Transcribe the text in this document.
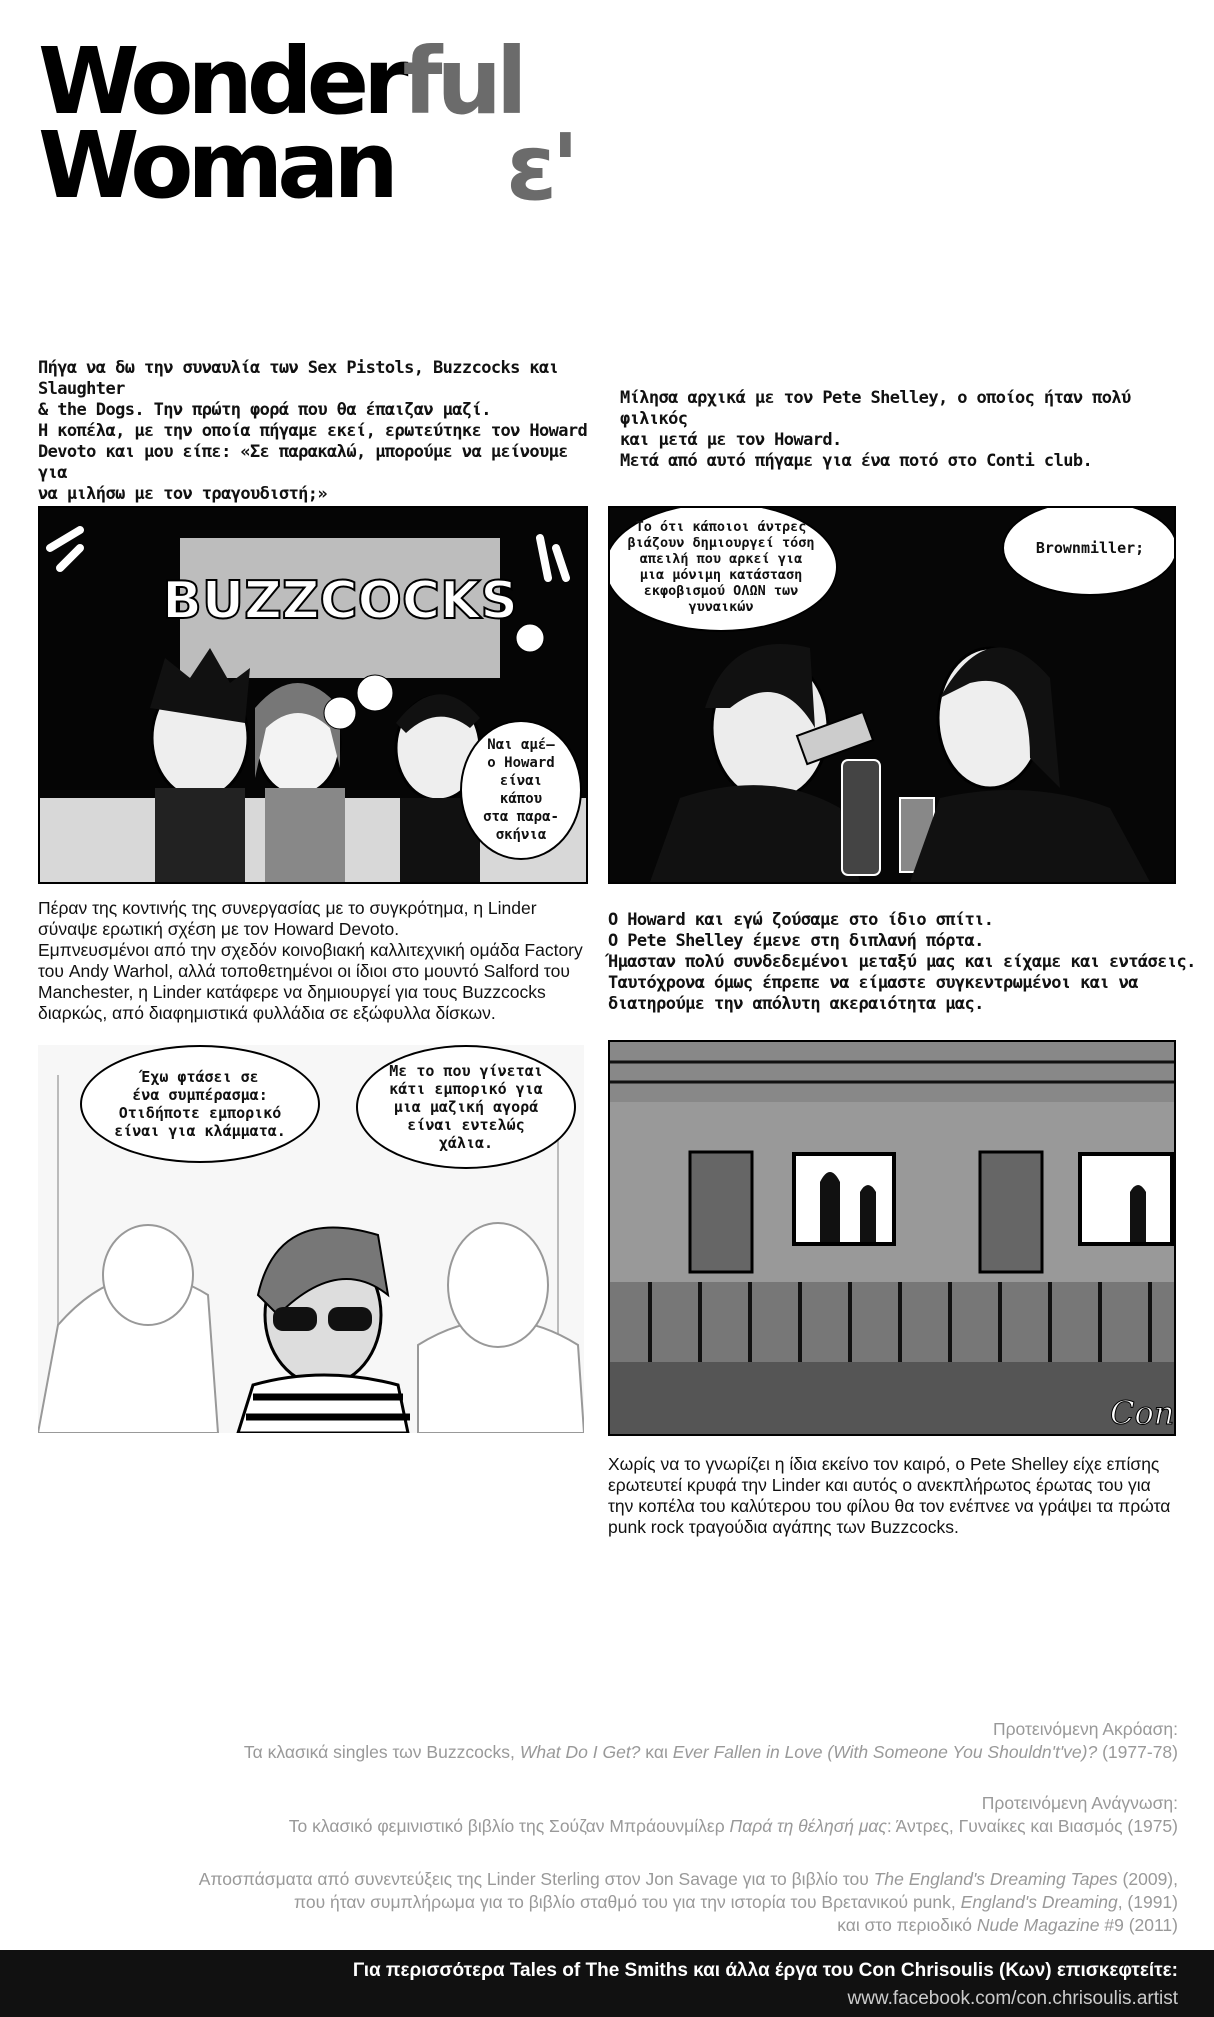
Wonderful
Woman	ε'
Πήγα να δω την συναυλία των Sex Pistols, Buzzcocks και Slaughter
& the Dogs. Την πρώτη φορά που θα έπαιζαν μαζί.
Η κοπέλα, με την οποία πήγαμε εκεί, ερωτεύτηκε τον Howard
Devoto και μου είπε: «Σε παρακαλώ, μπορούμε να μείνουμε για
να μιλήσω με τον τραγουδιστή;»
Μίλησα αρχικά με τον Pete Shelley, ο οποίος ήταν πολύ φιλικός
και μετά με τον Howard.
Μετά από αυτό πήγαμε για ένα ποτό στο Conti club.
BUZZCOCKS
Ναι αμέ–
ο Howard
είναι κάπου
στα παρα-
σκήνια
Το ότι κάποιοι άντρες
βιάζουν δημιουργεί τόση
απειλή που αρκεί για
μια μόνιμη κατάσταση
εκφοβισμού ΟΛΩΝ των
γυναικών
Brownmiller;
Πέραν της κοντινής της συνεργασίας με το συγκρότημα, η Linder
σύναψε ερωτική σχέση με τον Howard Devoto.
Εμπνευσμένοι από την σχεδόν κοινοβιακή καλλιτεχνική ομάδα Factory
του Andy Warhol, αλλά τοποθετημένοι οι ίδιοι στο μουντό Salford του
Manchester, η Linder κατάφερε να δημιουργεί για τους Buzzcocks
διαρκώς, από διαφημιστικά φυλλάδια σε εξώφυλλα δίσκων.
Ο Howard και εγώ ζούσαμε στο ίδιο σπίτι.
Ο Pete Shelley έμενε στη διπλανή πόρτα.
Ήμασταν πολύ συνδεδεμένοι μεταξύ μας και είχαμε και εντάσεις.
Ταυτόχρονα όμως έπρεπε να είμαστε συγκεντρωμένοι και να
διατηρούμε την απόλυτη ακεραιότητα μας.
Έχω φτάσει σε
ένα συμπέρασμα:
Οτιδήποτε εμπορικό
είναι για κλάμματα.
Με το που γίνεται
κάτι εμπορικό για
μια μαζική αγορά
είναι εντελώς
χάλια.
Con
Χωρίς να το γνωρίζει η ίδια εκείνο τον καιρό, ο Pete Shelley είχε επίσης
ερωτευτεί κρυφά την Linder και αυτός ο ανεκπλήρωτος έρωτας του για
την κοπέλα του καλύτερου του φίλου θα τον ενέπνεε να γράψει τα πρώτα
punk rock τραγούδια αγάπης των Buzzcocks.
Προτεινόμενη Ακρόαση:
Τα κλασικά singles των Buzzcocks, What Do I Get? και Ever Fallen in Love (With Someone You Shouldn't've)? (1977-78)
Προτεινόμενη Ανάγνωση:
Το κλασικό φεμινιστικό βιβλίο της Σούζαν Μπράουνμίλερ Παρά τη θέλησή μας: Άντρες, Γυναίκες και Βιασμός (1975)
Αποσπάσματα από συνεντεύξεις της Linder Sterling στον Jon Savage για το βιβλίο του The England's Dreaming Tapes (2009),
που ήταν συμπλήρωμα για το βιβλίο σταθμό του για την ιστορία του Βρετανικού punk, England's Dreaming, (1991)
και στο περιοδικό Nude Magazine #9 (2011)
Για περισσότερα Tales of The Smiths και άλλα έργα του Con Chrisoulis (Κων) επισκεφτείτε:
www.facebook.com/con.chrisoulis.artist
